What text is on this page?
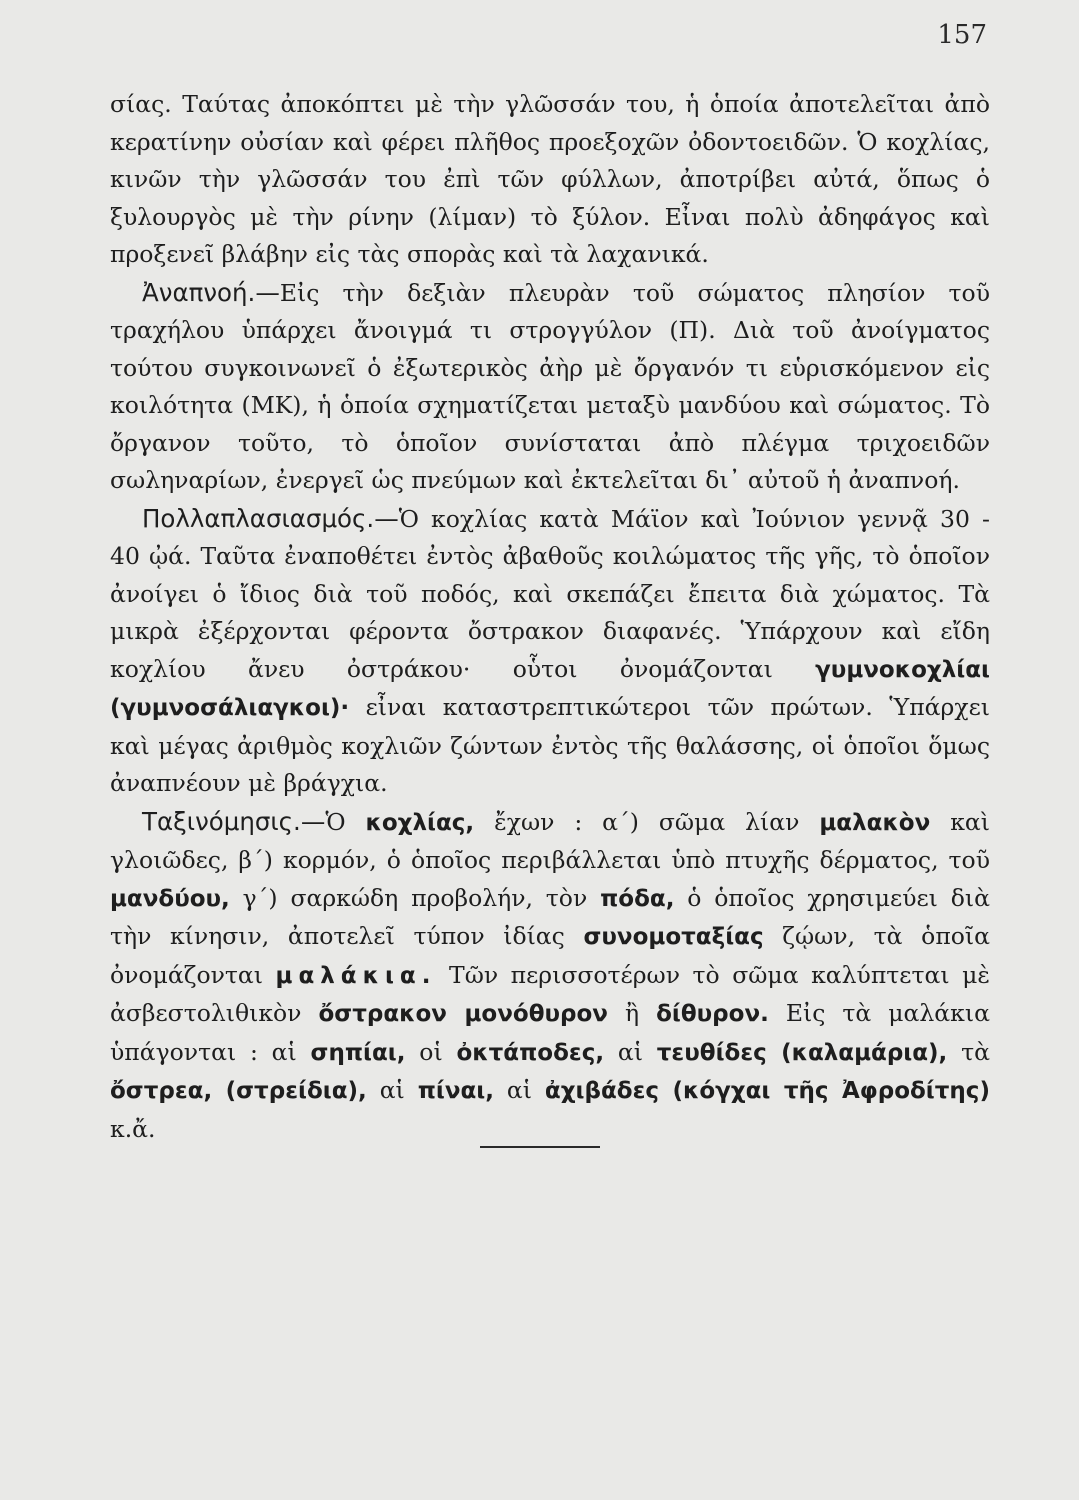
157

σίας. Ταύτας ἀποκόπτει μὲ τὴν γλῶσσάν του, ἡ ὁποία ἀποτελεῖται ἀπὸ κερατίνην οὐσίαν καὶ φέρει πλῆθος προεξοχῶν ὀδοντοειδῶν. Ὁ κοχλίας, κινῶν τὴν γλῶσσάν του ἐπὶ τῶν φύλλων, ἀποτρίβει αὐτά, ὅπως ὁ ξυλουργὸς μὲ τὴν ρίνην (λίμαν) τὸ ξύλον. Εἶναι πολὺ ἀδηφάγος καὶ προξενεῖ βλάβην εἰς τὰς σπορὰς καὶ τὰ λαχανικά.

Ἀναπνοή.—Εἰς τὴν δεξιὰν πλευρὰν τοῦ σώματος πλησίον τοῦ τραχήλου ὑπάρχει ἄνοιγμά τι στρογγύλον (Π). Διὰ τοῦ ἀνοίγματος τούτου συγκοινωνεῖ ὁ ἐξωτερικὸς ἀὴρ μὲ ὄργανόν τι εὑρισκόμενον εἰς κοιλότητα (ΜΚ), ἡ ὁποία σχηματίζεται μεταξὺ μανδύου καὶ σώματος. Τὸ ὄργανον τοῦτο, τὸ ὁποῖον συνίσταται ἀπὸ πλέγμα τριχοειδῶν σωληναρίων, ἐνεργεῖ ὡς πνεύμων καὶ ἐκτελεῖται δι᾽ αὐτοῦ ἡ ἀναπνοή.

Πολλαπλασιασμός.—Ὁ κοχλίας κατὰ Μάϊον καὶ Ἰούνιον γεννᾷ 30 - 40 ᾠά. Ταῦτα ἐναποθέτει ἐντὸς ἀβαθοῦς κοιλώματος τῆς γῆς, τὸ ὁποῖον ἀνοίγει ὁ ἴδιος διὰ τοῦ ποδός, καὶ σκεπάζει ἔπειτα διὰ χώματος. Τὰ μικρὰ ἐξέρχονται φέροντα ὄστρακον διαφανές. Ὑπάρχουν καὶ εἴδη κοχλίου ἄνευ ὀστράκου· οὗτοι ὀνομάζονται γυμνοκοχλίαι (γυμνοσάλιαγκοι)· εἶναι καταστρεπτικώτεροι τῶν πρώτων. Ὑπάρχει καὶ μέγας ἀριθμὸς κοχλιῶν ζώντων ἐντὸς τῆς θαλάσσης, οἱ ὁποῖοι ὅμως ἀναπνέουν μὲ βράγχια.

Ταξινόμησις.—Ὁ κοχλίας, ἔχων : α΄) σῶμα λίαν μαλακὸν καὶ γλοιῶδες, β΄) κορμόν, ὁ ὁποῖος περιβάλλεται ὑπὸ πτυχῆς δέρματος, τοῦ μανδύου, γ΄) σαρκώδη προβολήν, τὸν πόδα, ὁ ὁποῖος χρησιμεύει διὰ τὴν κίνησιν, ἀποτελεῖ τύπον ἰδίας συνομοταξίας ζῴων, τὰ ὁποῖα ὀνομάζονται μαλάκια. Τῶν περισσοτέρων τὸ σῶμα καλύπτεται μὲ ἀσβεστολιθικὸν ὄστρακον μονόθυρον ἢ δίθυρον. Εἰς τὰ μαλάκια ὑπάγονται : αἱ σηπίαι, οἱ ὀκτάποδες, αἱ τευθίδες (καλαμάρια), τὰ ὄστρεα, (στρείδια), αἱ πίναι, αἱ ἀχιβάδες (κόγχαι τῆς Ἀφροδίτης) κ.ἄ.
